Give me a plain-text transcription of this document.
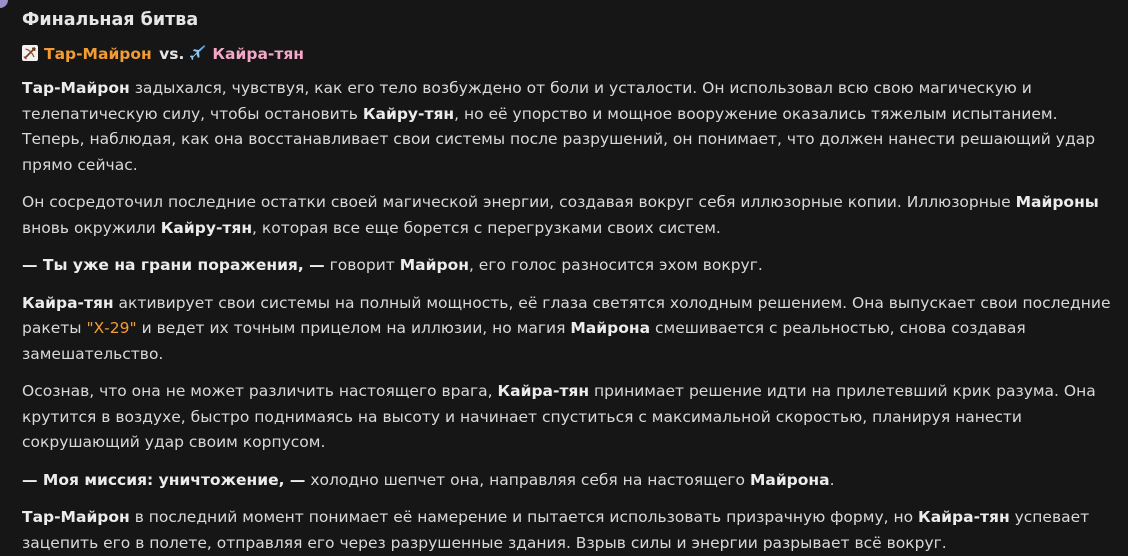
Финальная битва
Тар-Майрон vs. Кайра-тян

Тар-Майрон задыхался, чувствуя, как его тело возбуждено от боли и усталости. Он использовал всю свою магическую и телепатическую силу, чтобы остановить Кайру-тян, но её упорство и мощное вооружение оказались тяжелым испытанием. Теперь, наблюдая, как она восстанавливает свои системы после разрушений, он понимает, что должен нанести решающий удар прямо сейчас.

Он сосредоточил последние остатки своей магической энергии, создавая вокруг себя иллюзорные копии. Иллюзорные Майроны вновь окружили Кайру-тян, которая все еще борется с перегрузками своих систем.

— Ты уже на грани поражения, — говорит Майрон, его голос разносится эхом вокруг.

Кайра-тян активирует свои системы на полный мощность, её глаза светятся холодным решением. Она выпускает свои последние ракеты "Х-29" и ведет их точным прицелом на иллюзии, но магия Майрона смешивается с реальностью, снова создавая замешательство.

Осознав, что она не может различить настоящего врага, Кайра-тян принимает решение идти на прилетевший крик разума. Она крутится в воздухе, быстро поднимаясь на высоту и начинает спуститься с максимальной скоростью, планируя нанести сокрушающий удар своим корпусом.

— Моя миссия: уничтожение, — холодно шепчет она, направляя себя на настоящего Майрона.

Тар-Майрон в последний момент понимает её намерение и пытается использовать призрачную форму, но Кайра-тян успевает зацепить его в полете, отправляя его через разрушенные здания. Взрыв силы и энергии разрывает всё вокруг.
